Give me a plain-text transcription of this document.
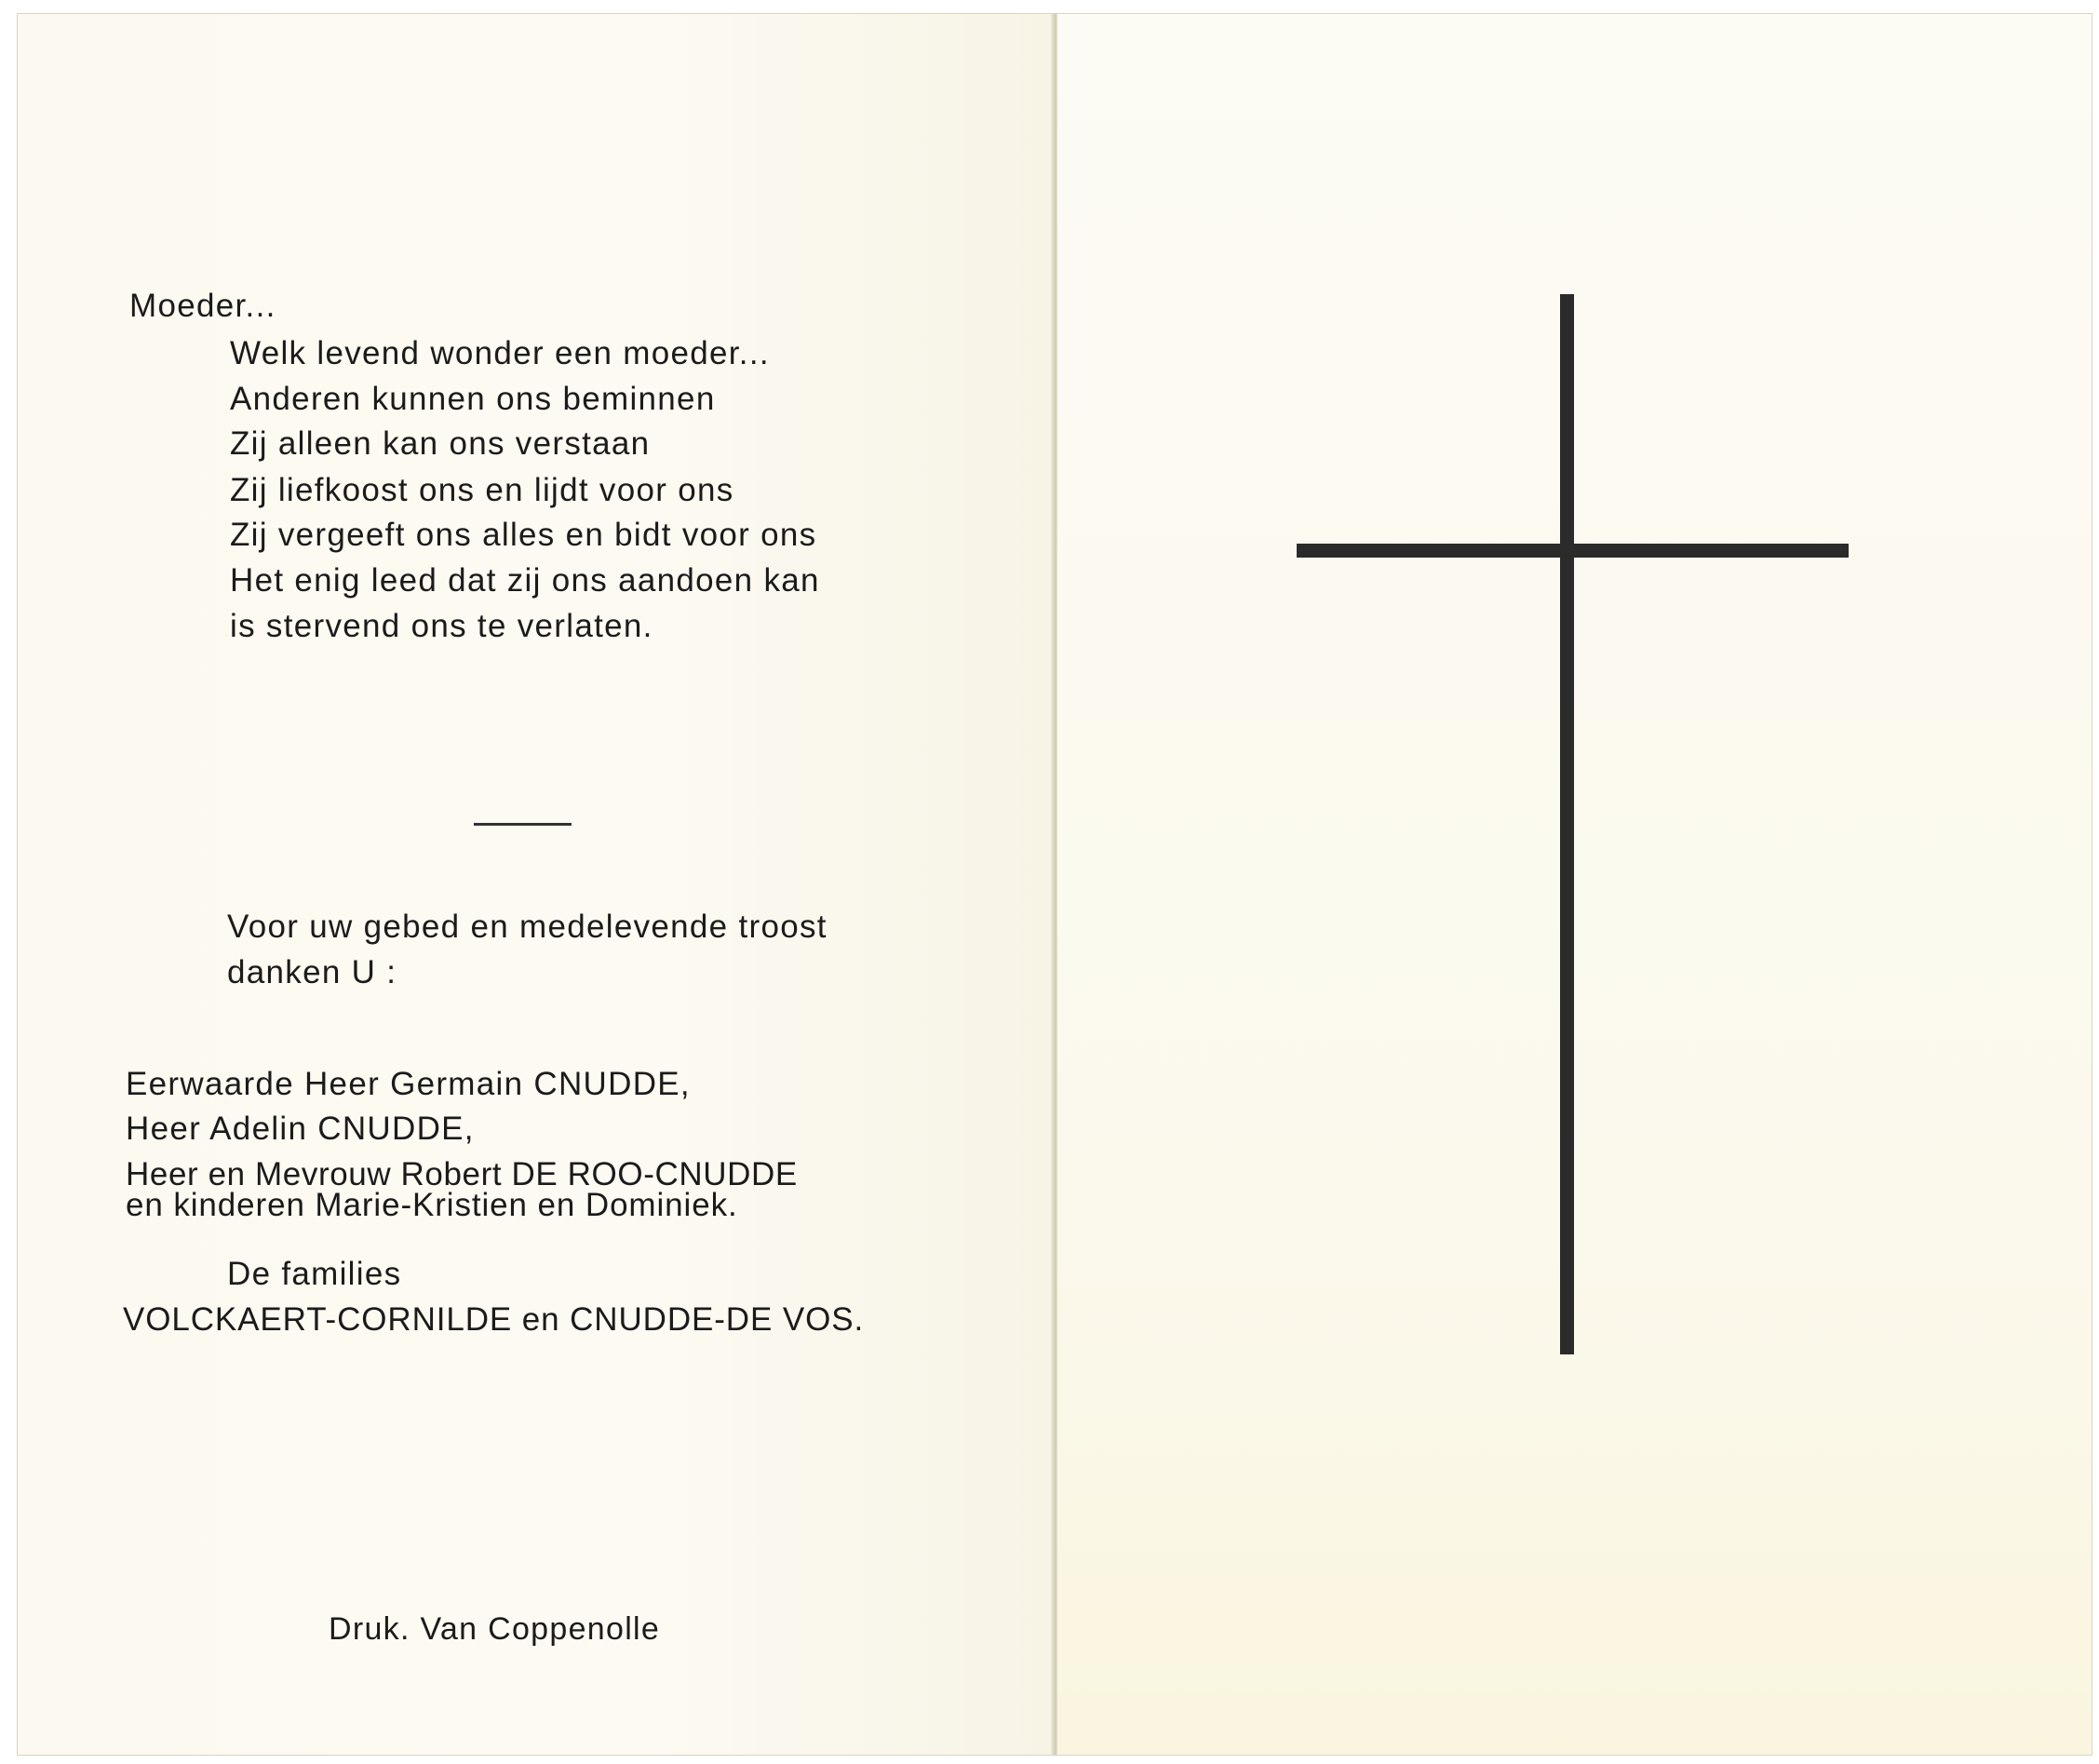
Moeder...
Welk levend wonder een moeder...
Anderen kunnen ons beminnen
Zij alleen kan ons verstaan
Zij liefkoost ons en lijdt voor ons
Zij vergeeft ons alles en bidt voor ons
Het enig leed dat zij ons aandoen kan
is stervend ons te verlaten.
Voor uw gebed en medelevende troost
danken U :
Eerwaarde Heer Germain CNUDDE,
Heer Adelin CNUDDE,
Heer en Mevrouw Robert DE ROO-CNUDDE
en kinderen Marie-Kristien en Dominiek.
De families
VOLCKAERT-CORNILDE en CNUDDE-DE VOS.
Druk. Van Coppenolle
